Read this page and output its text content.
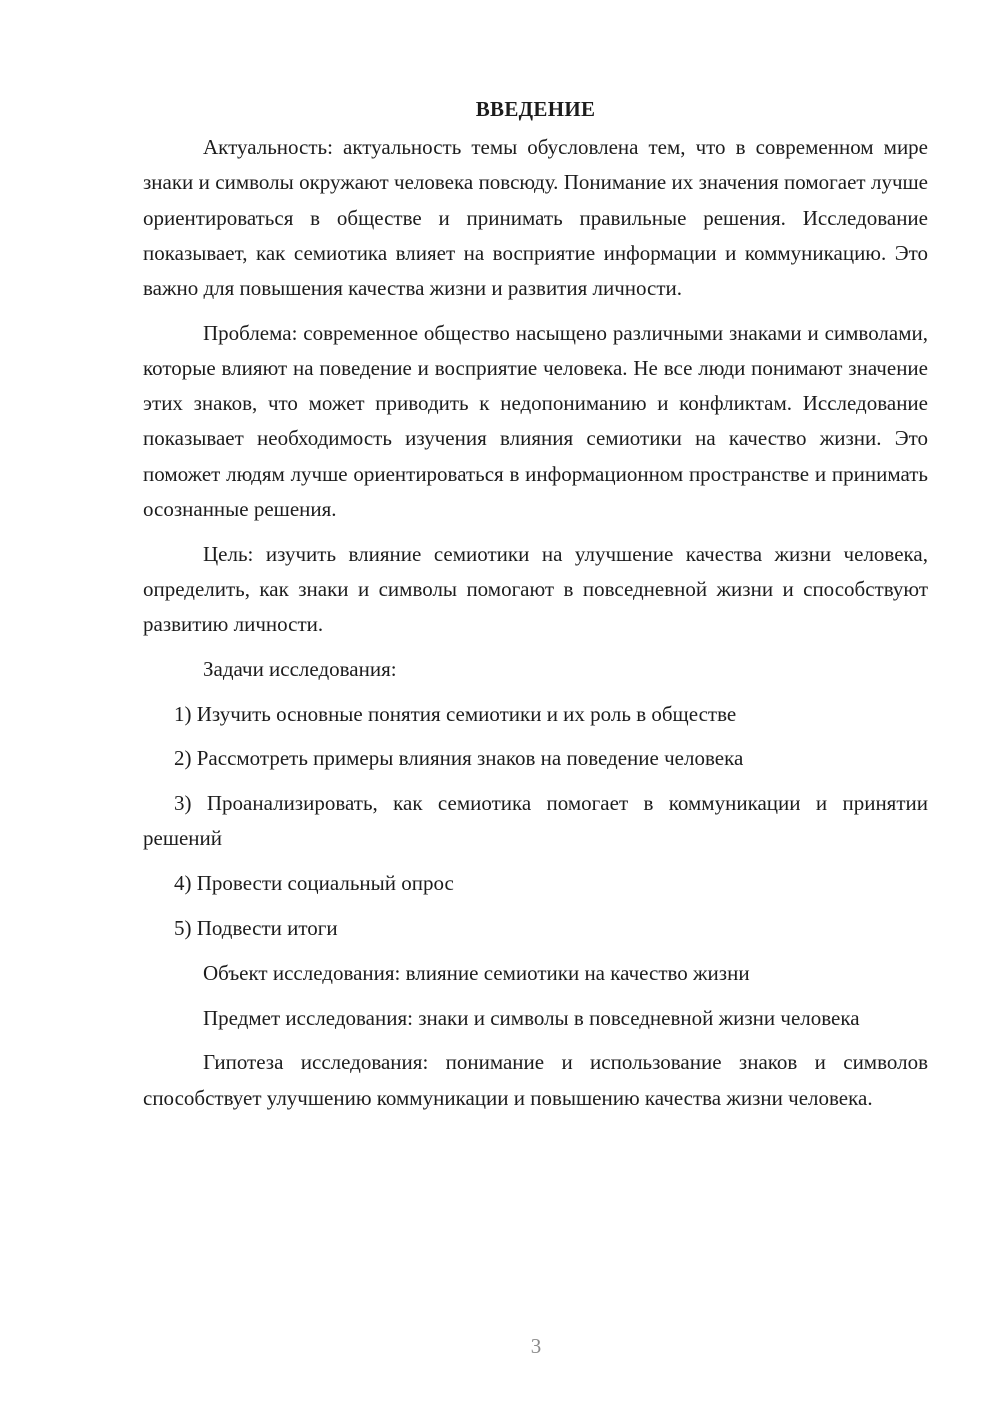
ВВЕДЕНИЕ

Актуальность: актуальность темы обусловлена тем, что в современном мире знаки и символы окружают человека повсюду. Понимание их значения помогает лучше ориентироваться в обществе и принимать правильные решения. Исследование показывает, как семиотика влияет на восприятие информации и коммуникацию. Это важно для повышения качества жизни и развития личности.

Проблема: современное общество насыщено различными знаками и символами, которые влияют на поведение и восприятие человека. Не все люди понимают значение этих знаков, что может приводить к недопониманию и конфликтам. Исследование показывает необходимость изучения влияния семиотики на качество жизни. Это поможет людям лучше ориентироваться в информационном пространстве и принимать осознанные решения.

Цель: изучить влияние семиотики на улучшение качества жизни человека, определить, как знаки и символы помогают в повседневной жизни и способствуют развитию личности.

Задачи исследования:

1) Изучить основные понятия семиотики и их роль в обществе

2) Рассмотреть примеры влияния знаков на поведение человека

3) Проанализировать, как семиотика помогает в коммуникации и принятии решений

4) Провести социальный опрос

5) Подвести итоги

Объект исследования: влияние семиотики на качество жизни

Предмет исследования: знаки и символы в повседневной жизни человека

Гипотеза исследования: понимание и использование знаков и символов способствует улучшению коммуникации и повышению качества жизни человека.

3
